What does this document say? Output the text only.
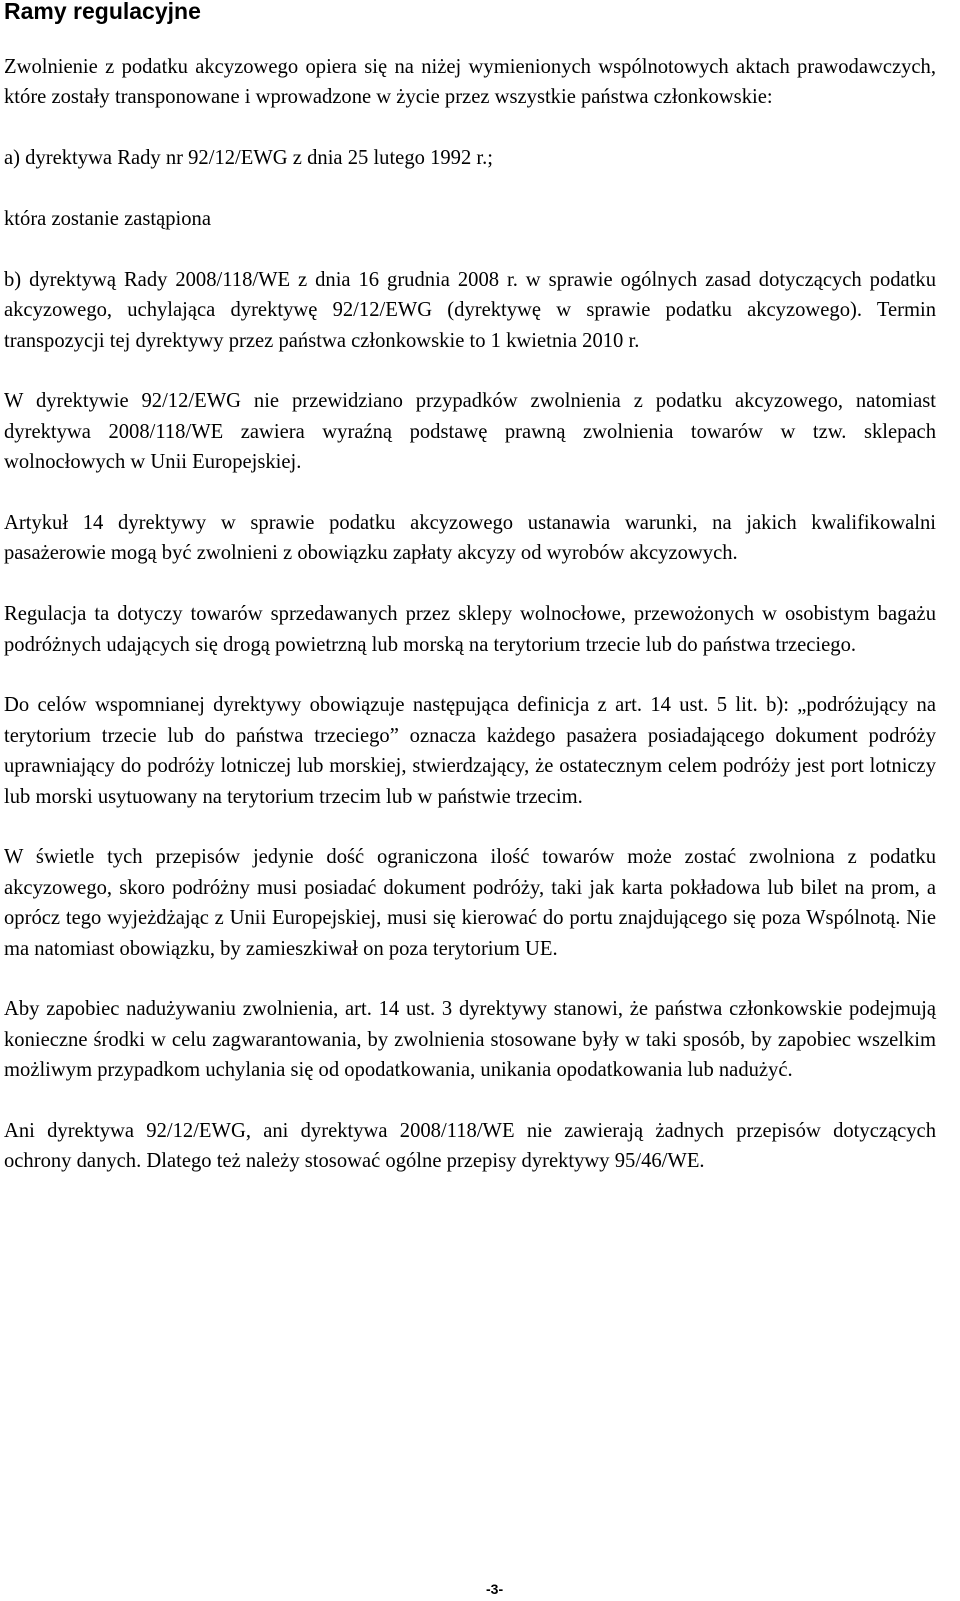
Ramy regulacyjne

Zwolnienie z podatku akcyzowego opiera się na niżej wymienionych wspólnotowych aktach prawodawczych, które zostały transponowane i wprowadzone w życie przez wszystkie państwa członkowskie:

a) dyrektywa Rady nr 92/12/EWG z dnia 25 lutego 1992 r.;

która zostanie zastąpiona

b) dyrektywą Rady 2008/118/WE z dnia 16 grudnia 2008 r. w sprawie ogólnych zasad dotyczących podatku akcyzowego, uchylająca dyrektywę 92/12/EWG (dyrektywę w sprawie podatku akcyzowego). Termin transpozycji tej dyrektywy przez państwa członkowskie to 1 kwietnia 2010 r.

W dyrektywie 92/12/EWG nie przewidziano przypadków zwolnienia z podatku akcyzowego, natomiast dyrektywa 2008/118/WE zawiera wyraźną podstawę prawną zwolnienia towarów w tzw. sklepach wolnocłowych w Unii Europejskiej.

Artykuł 14 dyrektywy w sprawie podatku akcyzowego ustanawia warunki, na jakich kwalifikowalni pasażerowie mogą być zwolnieni z obowiązku zapłaty akcyzy od wyrobów akcyzowych.

Regulacja ta dotyczy towarów sprzedawanych przez sklepy wolnocłowe, przewożonych w osobistym bagażu podróżnych udających się drogą powietrzną lub morską na terytorium trzecie lub do państwa trzeciego.

Do celów wspomnianej dyrektywy obowiązuje następująca definicja z art. 14 ust. 5 lit. b): „podróżujący na terytorium trzecie lub do państwa trzeciego” oznacza każdego pasażera posiadającego dokument podróży uprawniający do podróży lotniczej lub morskiej, stwierdzający, że ostatecznym celem podróży jest port lotniczy lub morski usytuowany na terytorium trzecim lub w państwie trzecim.

W świetle tych przepisów jedynie dość ograniczona ilość towarów może zostać zwolniona z podatku akcyzowego, skoro podróżny musi posiadać dokument podróży, taki jak karta pokładowa lub bilet na prom, a oprócz tego wyjeżdżając z Unii Europejskiej, musi się kierować do portu znajdującego się poza Wspólnotą. Nie ma natomiast obowiązku, by zamieszkiwał on poza terytorium UE.

Aby zapobiec nadużywaniu zwolnienia, art. 14 ust. 3 dyrektywy stanowi, że państwa członkowskie podejmują konieczne środki w celu zagwarantowania, by zwolnienia stosowane były w taki sposób, by zapobiec wszelkim możliwym przypadkom uchylania się od opodatkowania, unikania opodatkowania lub nadużyć.

Ani dyrektywa 92/12/EWG, ani dyrektywa 2008/118/WE nie zawierają żadnych przepisów dotyczących ochrony danych. Dlatego też należy stosować ogólne przepisy dyrektywy 95/46/WE.

-3-
